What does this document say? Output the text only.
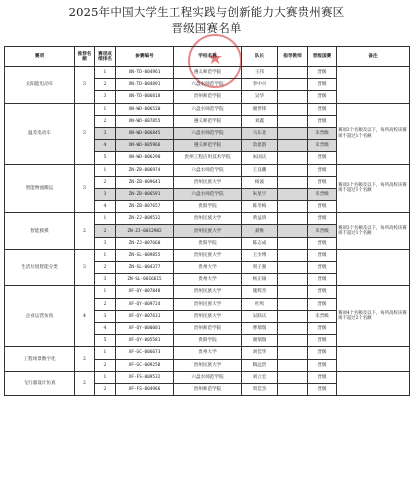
2025年中国大学生工程实践与创新能力大赛贵州赛区
晋级国赛名单
★
赛项	推荐名额	赛项成绩排名	参赛编号	学校名称	队长	指导教师	晋级国赛	备注
太阳能电动车	3	1	XN-TD-004961	遵义师范学院	王伟		晋级	
		2	XN-TD-004891	六盘水师范学院	李中兴		晋级	
		3	XN-TD-006818	贵州师范学院	吴华		晋级	
温差电动车	3	1	XN-WD-006530	六盘水师范学院	谢世锋		晋级	赛项3个名额及以下，每所高校该赛项不超过1个名额
		2	XN-WD-007855	遵义师范学院	刘鑫		晋级	
		3	XN-WD-006845	六盘水师范学院	马东北		未晋级	
		4	XN-WD-005966	遵义师范学院	余思韵		未晋级	
		5	XN-WD-006290	贵州工程应用技术学院	朱国庆		晋级	
智能物流搬运	3	1	ZN-ZB-006974	六盘水师范学院	王良鹏		晋级	赛项3个名额及以下，每所高校该赛项不超过1个名额
		2	ZN-ZB-009641	贵州民族大学	杨波		晋级	
		3	ZN-ZB-006591	六盘水师范学院	朱星宇		未晋级	
		4	ZN-ZB-007657	贵阳学院	陈冬梅		晋级	
智能救援	2	1	ZN-ZJ-009532	贵州民族大学	黄益鸿		晋级	赛项3个名额及以下，每所高校该赛项不超过1个名额
		2	ZN-ZJ-0012982	贵州民族大学	聂维		未晋级	
		3	ZN-ZJ-007660	贵阳学院	陈志成		晋级	
生活垃圾智能分类	3	1	ZN-SL-009855	贵州民族大学	王少博		晋级	
		2	ZN-SL-004377	贵州大学	周子强		晋级	
		3	ZN-SL-0016615	贵州大学	杨正锡		晋级	
企业运营仿真	4	1	XF-QY-007848	贵州民族大学	施辉杰		晋级	赛项4个名额及以下，每所高校该赛项不超过2个名额
		2	XF-QY-009724	贵州民族大学	杜鸣		晋级	
		3	XF-QY-007631	贵州民族大学	吴联庆		未晋级	
		4	XF-QY-000001	贵州师范学院	曹瑞瑞		晋级	
		5	XF-QY-005581	贵阳学院	谢瑞瑞		晋级	
工程场景数字化	2	1	XF-GC-006673	贵州大学	刘佳华		晋级	
		2	XF-GC-009258	贵州民族大学	陶远贵		晋级	
飞行器设计仿真	2	1	XF-FS-009532	六盘水师范学院	刘立宏		晋级	
		2	XF-FS-004966	贵州师范学院	周佳杰		晋级	
